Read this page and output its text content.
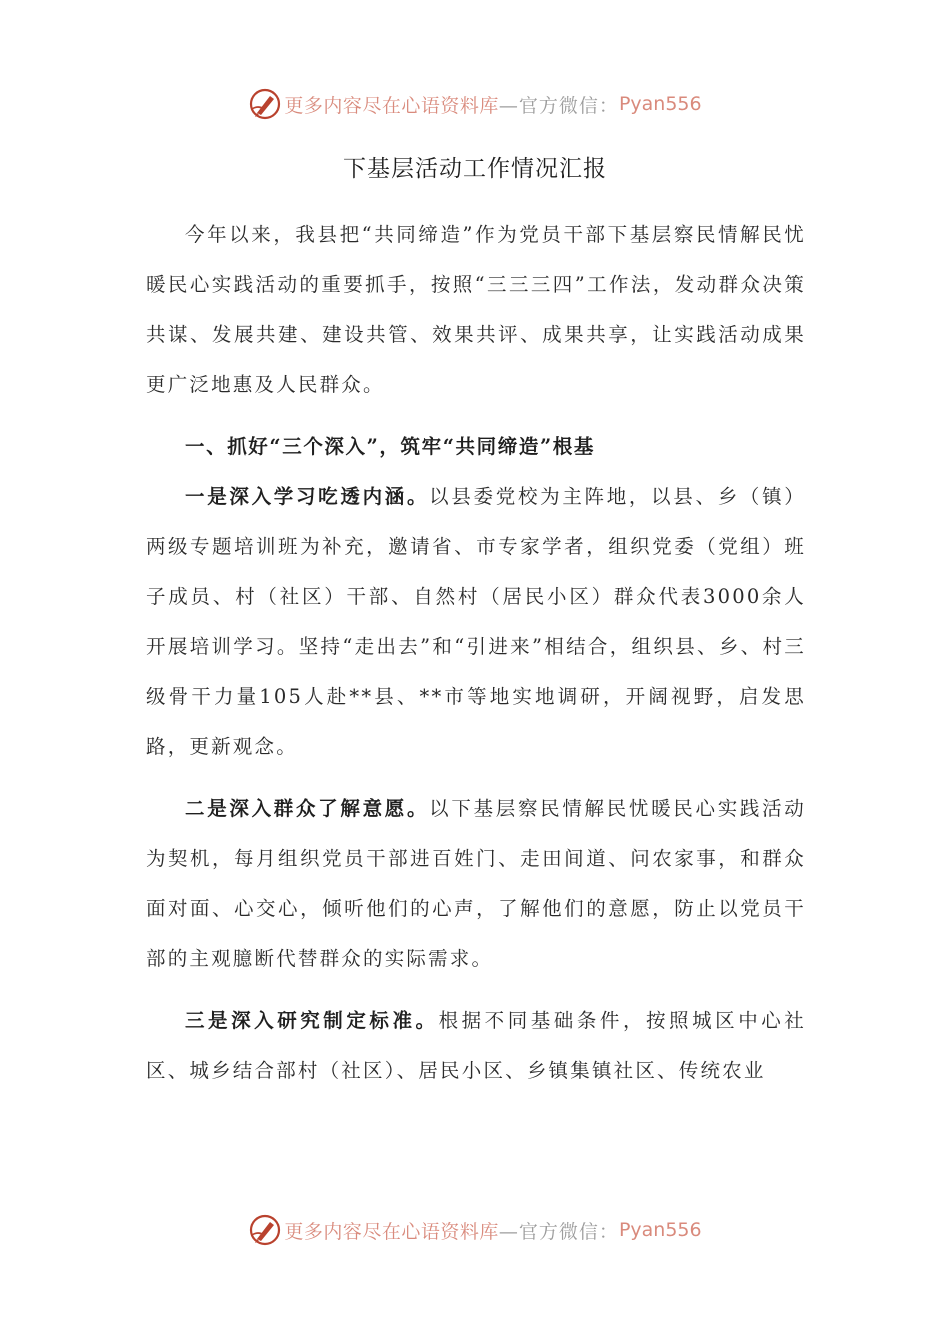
更多内容尽在心语资料库 —官方微信： Pyan556
下基层活动工作情况汇报

今年以来，我县把“共同缔造”作为党员干部下基层察民情解民忧暖民心实践活动的重要抓手，按照“三三三四”工作法，发动群众决策共谋、发展共建、建设共管、效果共评、成果共享，让实践活动成果更广泛地惠及人民群众。

一、抓好“三个深入”，筑牢“共同缔造”根基

一是深入学习吃透内涵。以县委党校为主阵地，以县、乡（镇）两级专题培训班为补充，邀请省、市专家学者，组织党委（党组）班子成员、村（社区）干部、自然村（居民小区）群众代表3000余人开展培训学习。坚持“走出去”和“引进来”相结合，组织县、乡、村三级骨干力量105人赴**县、**市等地实地调研，开阔视野，启发思路，更新观念。

二是深入群众了解意愿。以下基层察民情解民忧暖民心实践活动为契机，每月组织党员干部进百姓门、走田间道、问农家事，和群众面对面、心交心，倾听他们的心声，了解他们的意愿，防止以党员干部的主观臆断代替群众的实际需求。

三是深入研究制定标准。根据不同基础条件，按照城区中心社区、城乡结合部村（社区）、居民小区、乡镇集镇社区、传统农业

更多内容尽在心语资料库 —官方微信： Pyan556
